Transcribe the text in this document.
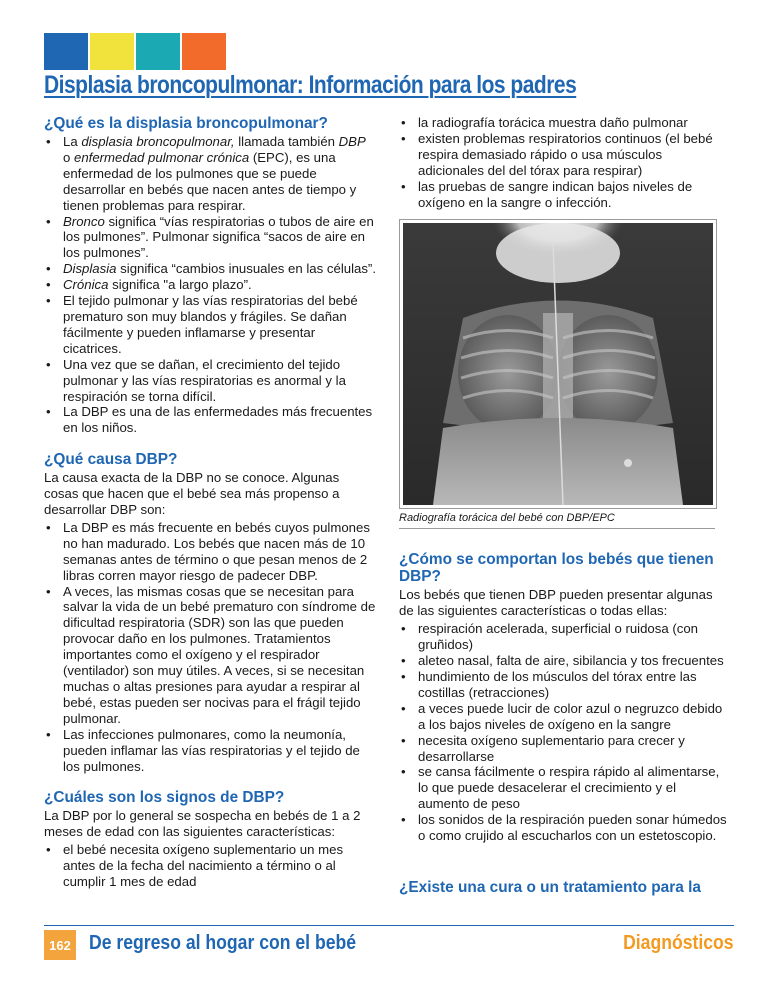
Displasia broncopulmonar: Información para los padres
¿Qué es la displasia broncopulmonar?
• La displasia broncopulmonar, llamada también DBP o enfermedad pulmonar crónica (EPC), es una enfermedad de los pulmones que se puede desarrollar en bebés que nacen antes de tiempo y tienen problemas para respirar.
• Bronco significa “vías respiratorias o tubos de aire en los pulmones”. Pulmonar significa “sacos de aire en los pulmones”.
• Displasia significa “cambios inusuales en las células”.
• Crónica significa "a largo plazo”.
• El tejido pulmonar y las vías respiratorias del bebé prematuro son muy blandos y frágiles. Se dañan fácilmente y pueden inflamarse y presentar cicatrices.
• Una vez que se dañan, el crecimiento del tejido pulmonar y las vías respiratorias es anormal y la respiración se torna difícil.
• La DBP es una de las enfermedades más frecuentes en los niños.
¿Qué causa DBP?

La causa exacta de la DBP no se conoce. Algunas cosas que hacen que el bebé sea más propenso a desarrollar DBP son:

• La DBP es más frecuente en bebés cuyos pulmones no han madurado. Los bebés que nacen más de 10 semanas antes de término o que pesan menos de 2 libras corren mayor riesgo de padecer DBP.
• A veces, las mismas cosas que se necesitan para salvar la vida de un bebé prematuro con síndrome de dificultad respiratoria (SDR) son las que pueden provocar daño en los pulmones. Tratamientos importantes como el oxígeno y el respirador (ventilador) son muy útiles. A veces, si se necesitan muchas o altas presiones para ayudar a respirar al bebé, estas pueden ser nocivas para el frágil tejido pulmonar.
• Las infecciones pulmonares, como la neumonía, pueden inflamar las vías respiratorias y el tejido de los pulmones.
¿Cuáles son los signos de DBP?

La DBP por lo general se sospecha en bebés de 1 a 2 meses de edad con las siguientes características:

• el bebé necesita oxígeno suplementario un mes antes de la fecha del nacimiento a término o al cumplir 1 mes de edad
• la radiografía torácica muestra daño pulmonar
• existen problemas respiratorios continuos (el bebé respira demasiado rápido o usa músculos adicionales del del tórax para respirar)
• las pruebas de sangre indican bajos niveles de oxígeno en la sangre o infección.
Radiografía torácica del bebé con DBP/EPC
¿Cómo se comportan los bebés que tienen DBP?

Los bebés que tienen DBP pueden presentar algunas de las siguientes características o todas ellas:

• respiración acelerada, superficial o ruidosa (con gruñidos)
• aleteo nasal, falta de aire, sibilancia y tos frecuentes
• hundimiento de los músculos del tórax entre las costillas (retracciones)
• a veces puede lucir de color azul o negruzco debido a los bajos niveles de oxígeno en la sangre
• necesita oxígeno suplementario para crecer y desarrollarse
• se cansa fácilmente o respira rápido al alimentarse, lo que puede desacelerar el crecimiento y el aumento de peso
• los sonidos de la respiración pueden sonar húmedos o como crujido al escucharlos con un estetoscopio.
¿Existe una cura o un tratamiento para la
162 De regreso al hogar con el bebé	Diagnósticos
